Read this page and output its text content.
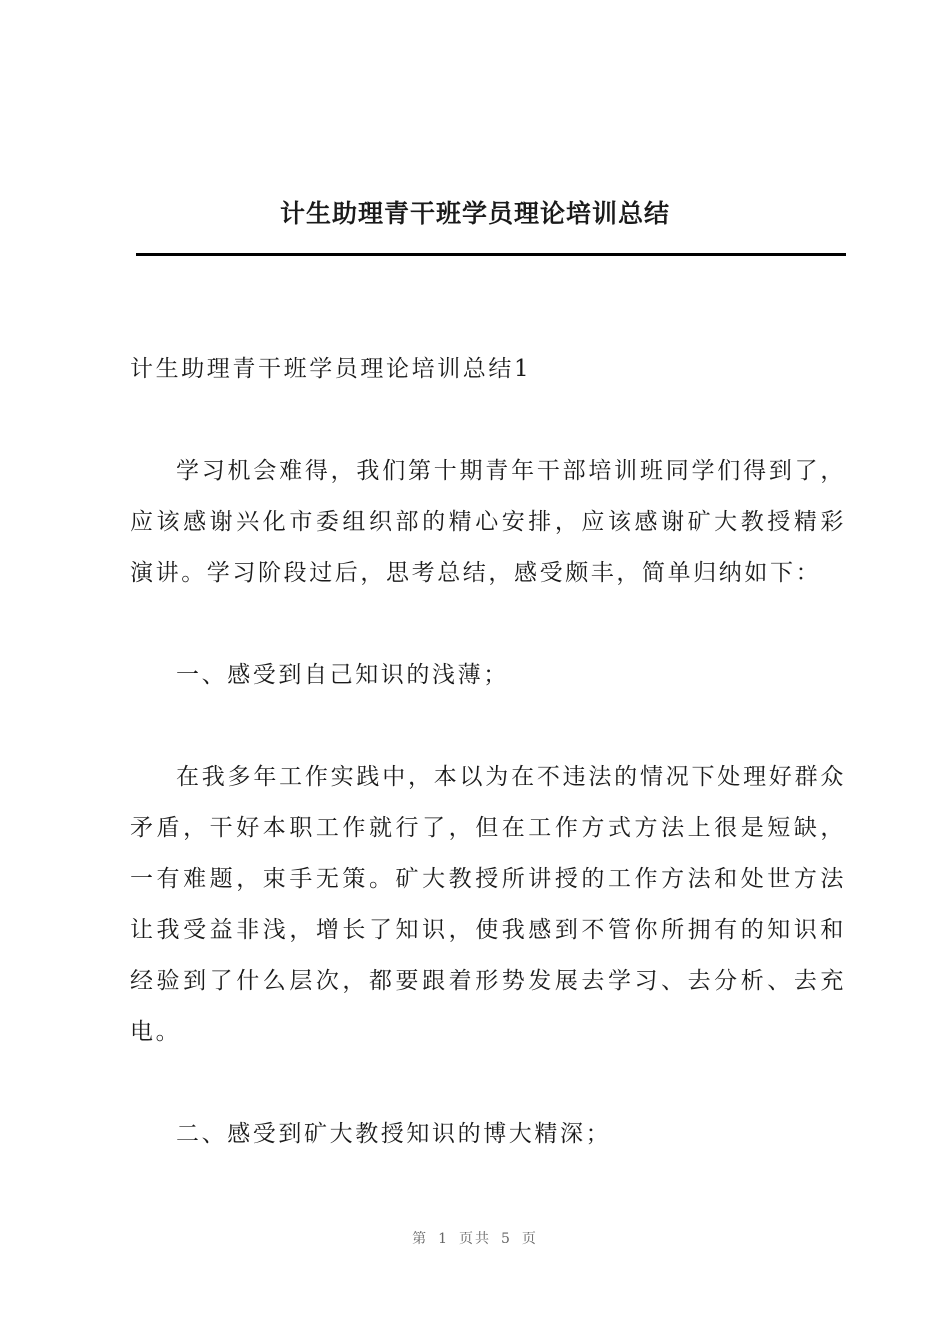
计生助理青干班学员理论培训总结

计生助理青干班学员理论培训总结1

学习机会难得，我们第十期青年干部培训班同学们得到了，应该感谢兴化市委组织部的精心安排，应该感谢矿大教授精彩演讲。学习阶段过后，思考总结，感受颇丰，简单归纳如下：

一、感受到自己知识的浅薄；

在我多年工作实践中，本以为在不违法的情况下处理好群众矛盾，干好本职工作就行了，但在工作方式方法上很是短缺，一有难题，束手无策。矿大教授所讲授的工作方法和处世方法让我受益非浅，增长了知识，使我感到不管你所拥有的知识和经验到了什么层次，都要跟着形势发展去学习、去分析、去充电。

二、感受到矿大教授知识的博大精深；

第 1 页共 5 页
